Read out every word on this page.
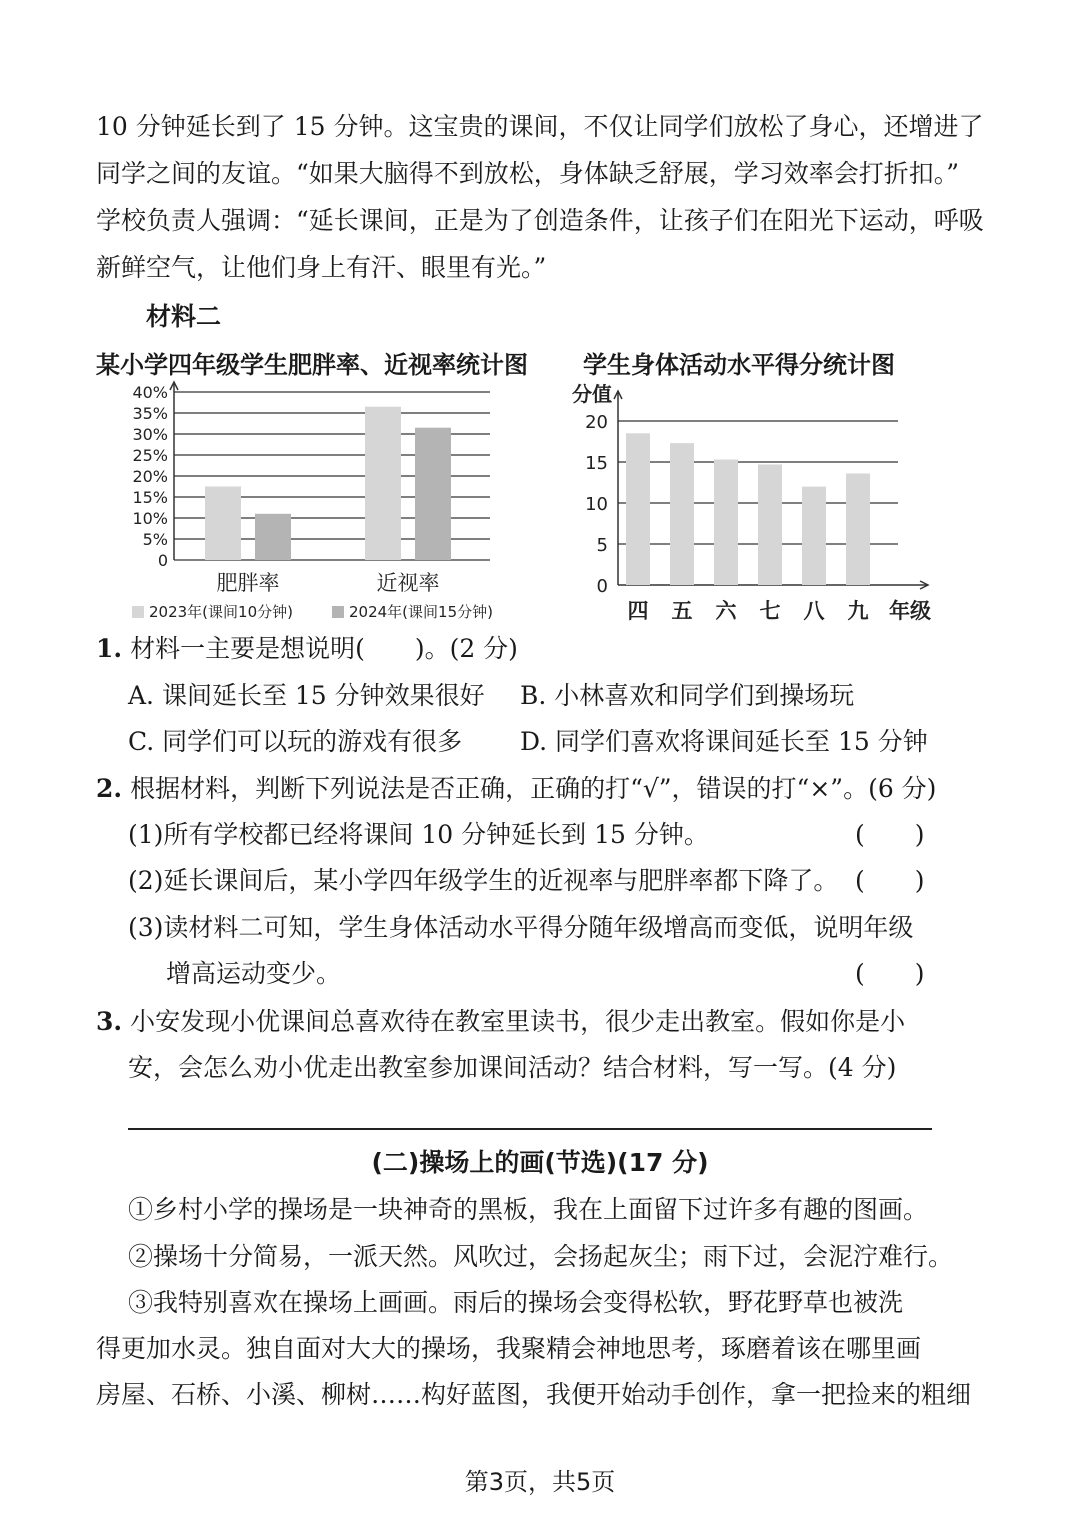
10 分钟延长到了 15 分钟。这宝贵的课间，不仅让同学们放松了身心，还增进了
同学之间的友谊。“如果大脑得不到放松，身体缺乏舒展，学习效率会打折扣。”
学校负责人强调：“延长课间，正是为了创造条件，让孩子们在阳光下运动，呼吸
新鲜空气，让他们身上有汗、眼里有光。”
材料二
某小学四年级学生肥胖率、近视率统计图 学生身体活动水平得分统计图
0
5%
10%
15%
20%
25%
30%
35%
40%
肥胖率	近视率
2023年(课间10分钟)	2024年(课间15分钟)
0
5
10
15
20
分值
四 五 六 七 八 九 年级
1. 材料一主要是想说明(　　)。(2 分)
A. 课间延长至 15 分钟效果很好 B. 小林喜欢和同学们到操场玩
C. 同学们可以玩的游戏有很多 D. 同学们喜欢将课间延长至 15 分钟
2. 根据材料，判断下列说法是否正确，正确的打“√”，错误的打“×”。(6 分)
(1)所有学校都已经将课间 10 分钟延长到 15 分钟。	(　　)
(2)延长课间后，某小学四年级学生的近视率与肥胖率都下降了。 (　　)
(3)读材料二可知，学生身体活动水平得分随年级增高而变低，说明年级
增高运动变少。	(　　)
3. 小安发现小优课间总喜欢待在教室里读书，很少走出教室。假如你是小
安，会怎么劝小优走出教室参加课间活动？结合材料，写一写。(4 分)
(二)操场上的画(节选)(17 分)
①乡村小学的操场是一块神奇的黑板，我在上面留下过许多有趣的图画。
②操场十分简易，一派天然。风吹过，会扬起灰尘；雨下过，会泥泞难行。
③我特别喜欢在操场上画画。雨后的操场会变得松软，野花野草也被洗
得更加水灵。独自面对大大的操场，我聚精会神地思考，琢磨着该在哪里画
房屋、石桥、小溪、柳树……构好蓝图，我便开始动手创作，拿一把捡来的粗细
第3页，共5页
